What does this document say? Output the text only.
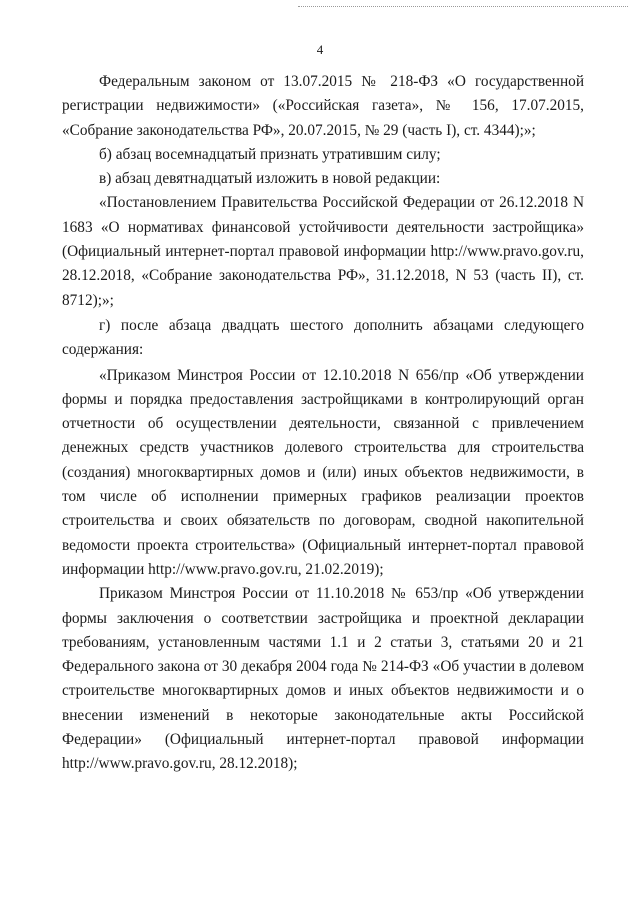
4

Федеральным законом от 13.07.2015 № 218-ФЗ «О государственной регистрации недвижимости» («Российская газета», № 156, 17.07.2015, «Собрание законодательства РФ», 20.07.2015, № 29 (часть I), ст. 4344);»;

б) абзац восемнадцатый признать утратившим силу;

в) абзац девятнадцатый изложить в новой редакции:

«Постановлением Правительства Российской Федерации от 26.12.2018 N 1683 «О нормативах финансовой устойчивости деятельности застройщика» (Официальный интернет-портал правовой информации http://www.pravo.gov.ru, 28.12.2018, «Собрание законодательства РФ», 31.12.2018, N 53 (часть II), ст. 8712);»;

г) после абзаца двадцать шестого дополнить абзацами следующего содержания:

«Приказом Минстроя России от 12.10.2018 N 656/пр «Об утверждении формы и порядка предоставления застройщиками в контролирующий орган отчетности об осуществлении деятельности, связанной с привлечением денежных средств участников долевого строительства для строительства (создания) многоквартирных домов и (или) иных объектов недвижимости, в том числе об исполнении примерных графиков реализации проектов строительства и своих обязательств по договорам, сводной накопительной ведомости проекта строительства» (Официальный интернет-портал правовой информации http://www.pravo.gov.ru, 21.02.2019);

Приказом Минстроя России от 11.10.2018 № 653/пр «Об утверждении формы заключения о соответствии застройщика и проектной декларации требованиям, установленным частями 1.1 и 2 статьи 3, статьями 20 и 21 Федерального закона от 30 декабря 2004 года № 214-ФЗ «Об участии в долевом строительстве многоквартирных домов и иных объектов недвижимости и о внесении изменений в некоторые законодательные акты Российской Федерации» (Официальный интернет-портал правовой информации http://www.pravo.gov.ru, 28.12.2018);
